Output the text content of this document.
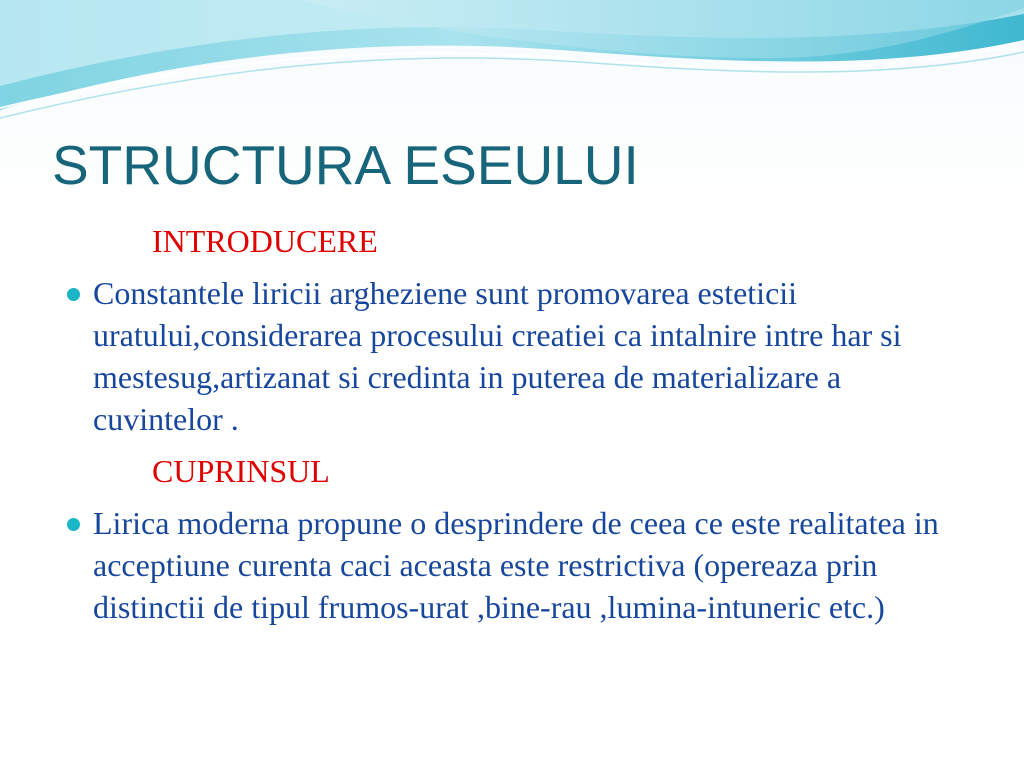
STRUCTURA ESEULUI
INTRODUCERE
Constantele liricii argheziene sunt promovarea esteticii uratului,considerarea procesului creatiei ca intalnire intre har si mestesug,artizanat si credinta in puterea de materializare a cuvintelor .
CUPRINSUL
Lirica moderna propune o desprindere de ceea ce este realitatea in acceptiune curenta caci aceasta este restrictiva (opereaza prin distinctii de tipul frumos-urat ,bine-rau ,lumina-intuneric etc.)
